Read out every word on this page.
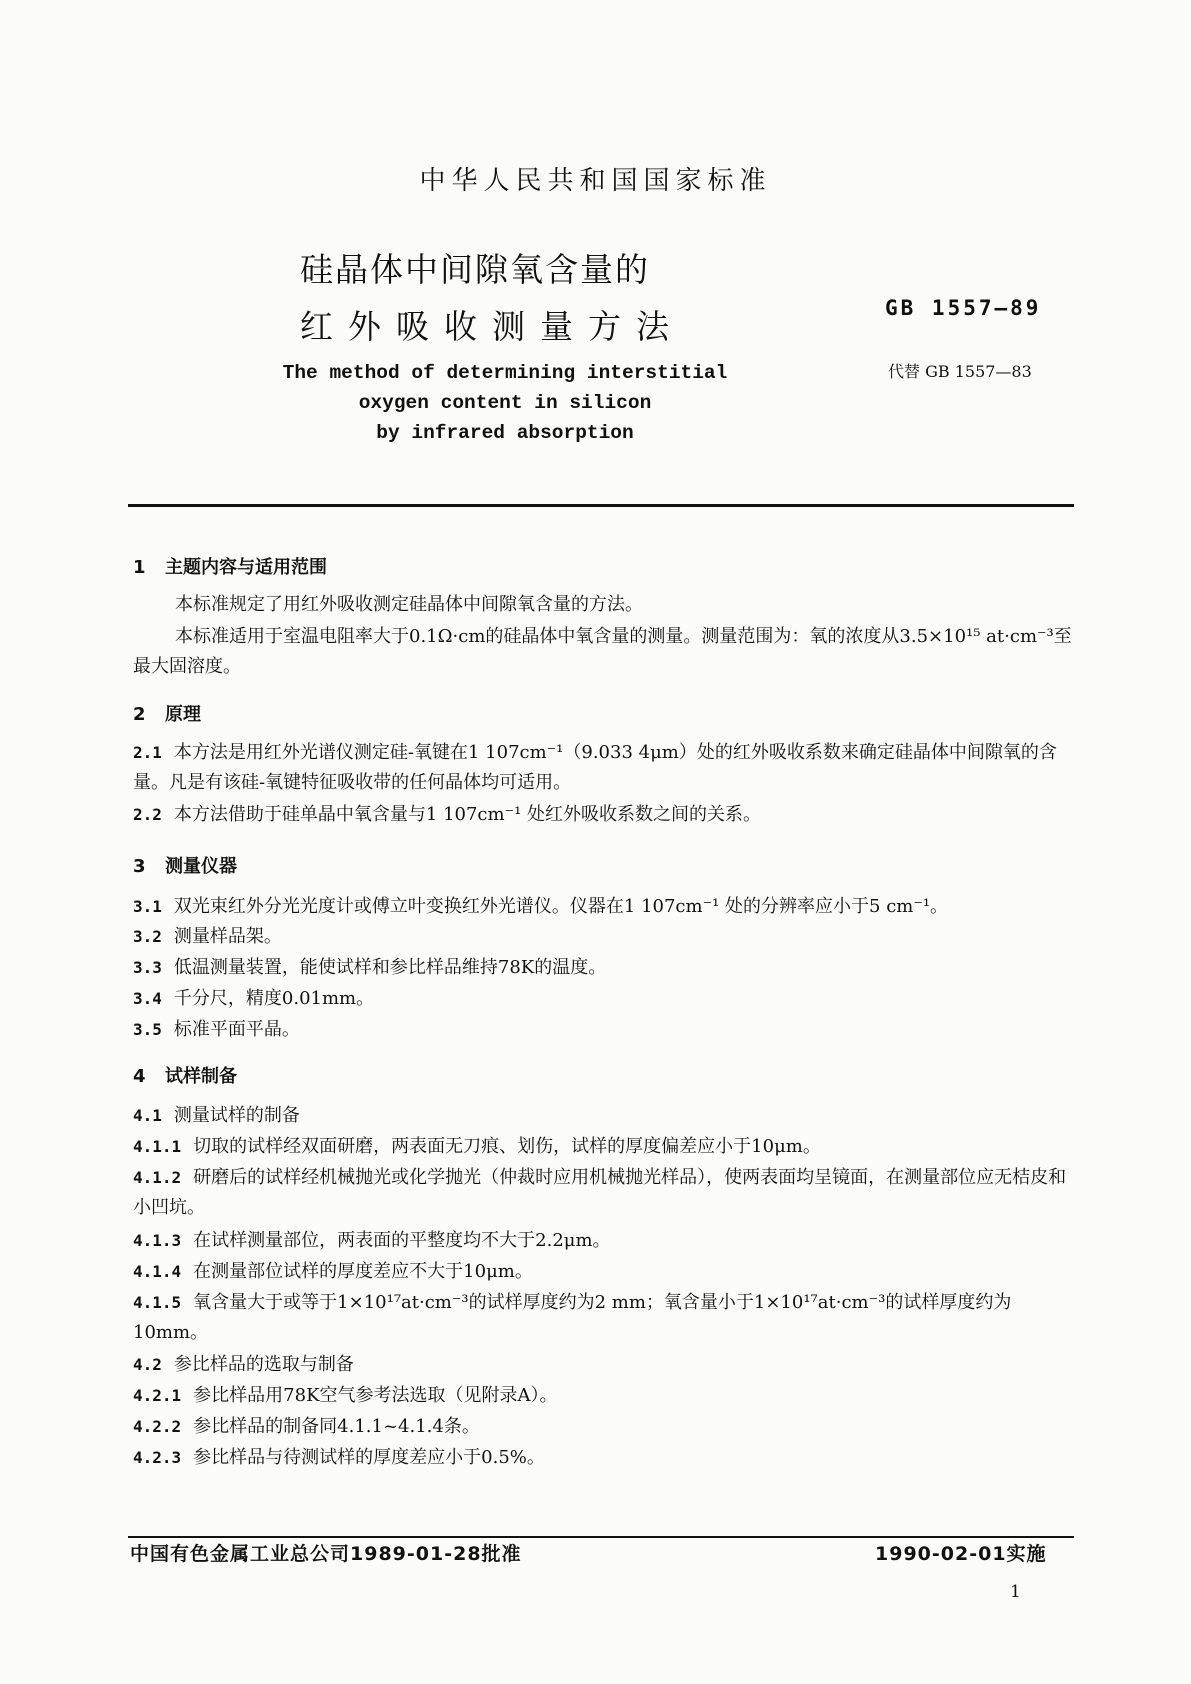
中华人民共和国国家标准
硅晶体中间隙氧含量的
红外吸收测量方法	GB 1557—89
代替 GB 1557—83
The method of determining interstitial
oxygen content in silicon
by infrared absorption
1 主题内容与适用范围
本标准规定了用红外吸收测定硅晶体中间隙氧含量的方法。
本标准适用于室温电阻率大于0.1Ω·cm的硅晶体中氧含量的测量。测量范围为：氧的浓度从3.5×10¹⁵ at·cm⁻³至最大固溶度。
2 原理
2.1 本方法是用红外光谱仪测定硅-氧键在1 107cm⁻¹（9.033 4μm）处的红外吸收系数来确定硅晶体中间隙氧的含量。凡是有该硅-氧键特征吸收带的任何晶体均可适用。
2.2 本方法借助于硅单晶中氧含量与1 107cm⁻¹ 处红外吸收系数之间的关系。
3 测量仪器
3.1 双光束红外分光光度计或傅立叶变换红外光谱仪。仪器在1 107cm⁻¹ 处的分辨率应小于5 cm⁻¹。
3.2 测量样品架。
3.3 低温测量装置，能使试样和参比样品维持78K的温度。
3.4 千分尺，精度0.01mm。
3.5 标准平面平晶。
4 试样制备
4.1 测量试样的制备
4.1.1 切取的试样经双面研磨，两表面无刀痕、划伤，试样的厚度偏差应小于10μm。
4.1.2 研磨后的试样经机械抛光或化学抛光（仲裁时应用机械抛光样品），使两表面均呈镜面，在测量部位应无桔皮和小凹坑。
4.1.3 在试样测量部位，两表面的平整度均不大于2.2μm。
4.1.4 在测量部位试样的厚度差应不大于10μm。
4.1.5 氧含量大于或等于1×10¹⁷at·cm⁻³的试样厚度约为2 mm；氧含量小于1×10¹⁷at·cm⁻³的试样厚度约为10mm。
4.2 参比样品的选取与制备
4.2.1 参比样品用78K空气参考法选取（见附录A）。
4.2.2 参比样品的制备同4.1.1~4.1.4条。
4.2.3 参比样品与待测试样的厚度差应小于0.5%。
中国有色金属工业总公司1989-01-28批准	1990-02-01实施
1
